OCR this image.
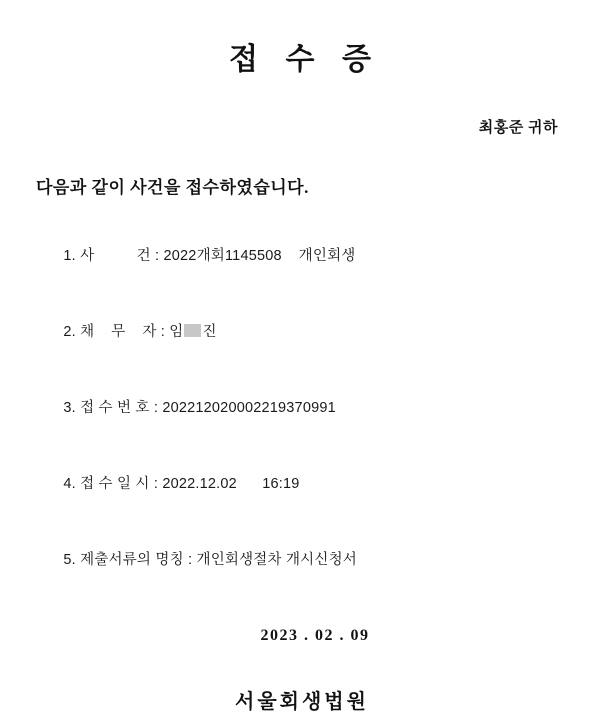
접 수 증
최홍준 귀하
다음과 같이 사건을 접수하였습니다.

1. 사          건 : 2022개회1145508    개인회생

2. 채    무    자 : 임 진

3. 접 수 번 호 : 202212020002219370991

4. 접 수 일 시 : 2022.12.02      16:19

5. 제출서류의 명칭 : 개인회생절차 개시신청서

2023 . 02 . 09
서울회생법원
